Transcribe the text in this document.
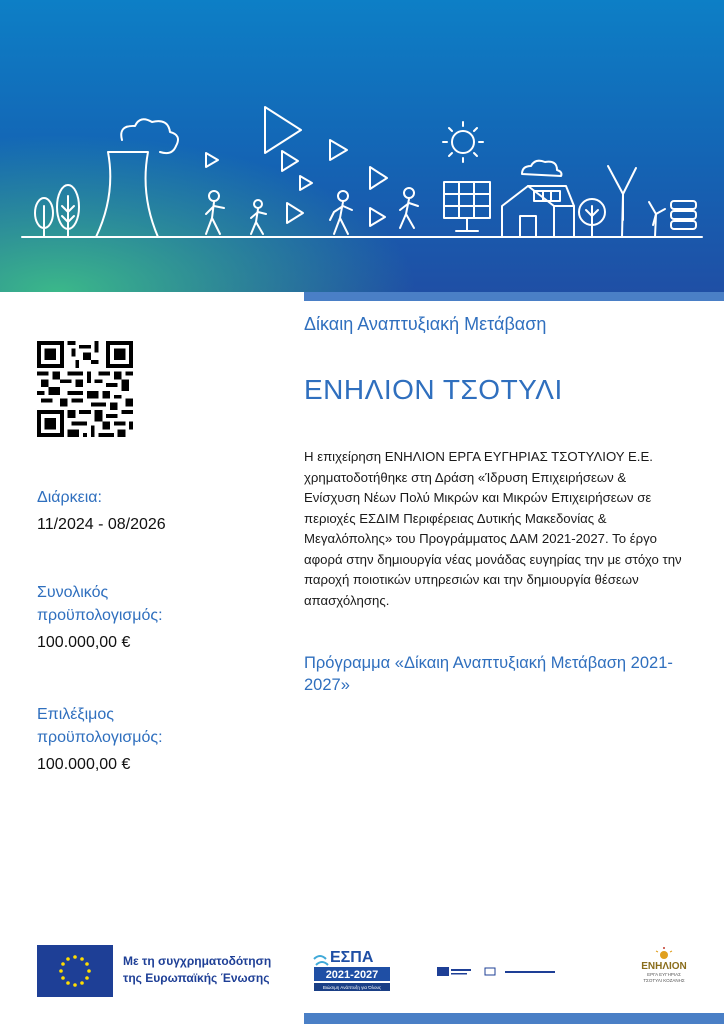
Διάρκεια:
11/2024 - 08/2026
Συνολικός
προϋπολογισμός:
100.000,00 €
Επιλέξιμος
προϋπολογισμός:
100.000,00 €
Δίκαιη Αναπτυξιακή Μετάβαση
ΕΝΗΛΙΟΝ ΤΣΟΤΥΛΙ
Η επιχείρηση ΕΝΗΛΙΟΝ ΕΡΓΑ ΕΥΓΗΡΙΑΣ ΤΣΟΤΥΛΙΟΥ Ε.Ε. χρηματοδοτήθηκε στη Δράση «Ίδρυση Επιχειρήσεων & Ενίσχυση Νέων Πολύ Μικρών και Μικρών Επιχειρήσεων σε περιοχές ΕΣΔΙΜ Περιφέρειας Δυτικής Μακεδονίας & Μεγαλόπολης» του Προγράμματος ΔΑΜ 2021-2027. Το έργο αφορά στην δημιουργία νέας μονάδας ευγηρίας την με στόχο την παροχή ποιοτικών υπηρεσιών και την δημιουργία θέσεων απασχόλησης.
Πρόγραμμα «Δίκαιη Αναπτυξιακή Μετάβαση 2021-2027»
Με τη συγχρηματοδότηση
της Ευρωπαϊκής Ένωσης
ΕΣΠΑ
2021-2027
Βιώσιμη Ανάπτυξη για Όλους
ΕΝΗΛΙΟΝ
ΕΡΓΑ ΕΥΓΗΡΙΑΣ
ΤΣΟΤΥΛΙ ΚΟΖΑΝΗΣ
